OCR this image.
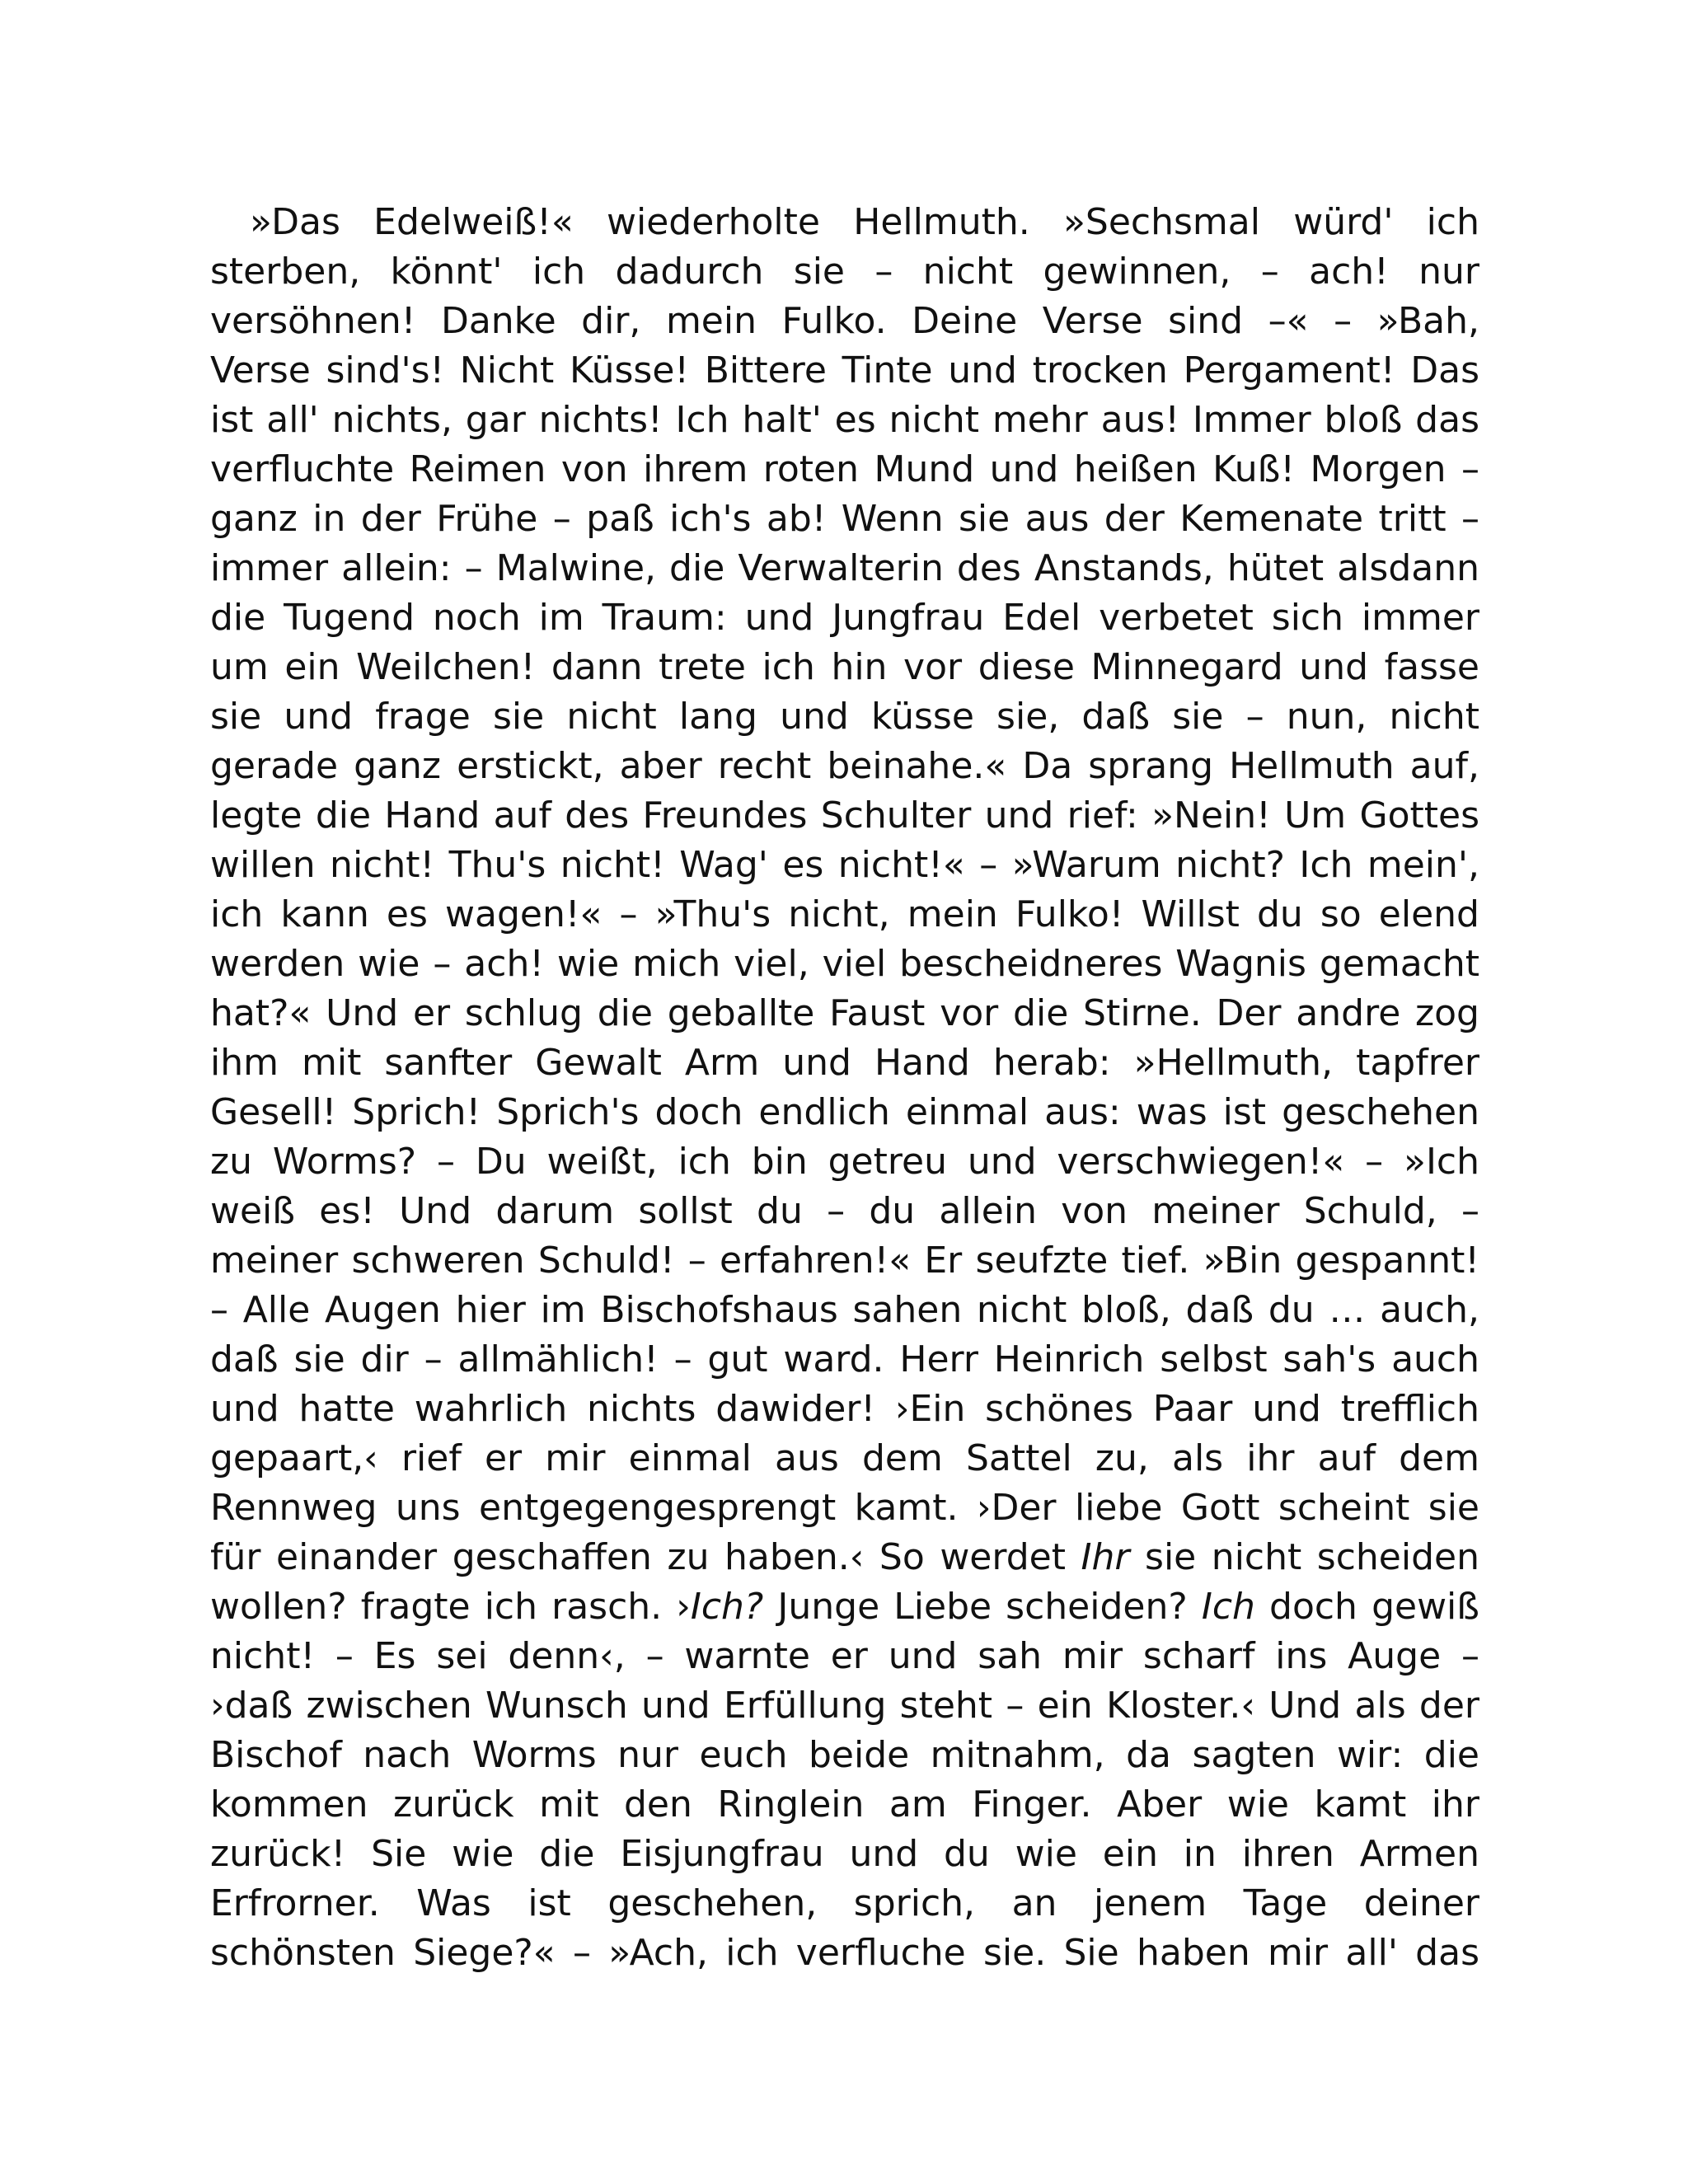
»Das Edelweiß!« wiederholte Hellmuth. »Sechsmal würd' ich
sterben, könnt' ich dadurch sie – nicht gewinnen, – ach! nur
versöhnen! Danke dir, mein Fulko. Deine Verse sind –« – »Bah,
Verse sind's! Nicht Küsse! Bittere Tinte und trocken Pergament! Das
ist all' nichts, gar nichts! Ich halt' es nicht mehr aus! Immer bloß das
verfluchte Reimen von ihrem roten Mund und heißen Kuß! Morgen –
ganz in der Frühe – paß ich's ab! Wenn sie aus der Kemenate tritt –
immer allein: – Malwine, die Verwalterin des Anstands, hütet alsdann
die Tugend noch im Traum: und Jungfrau Edel verbetet sich immer
um ein Weilchen! dann trete ich hin vor diese Minnegard und fasse
sie und frage sie nicht lang und küsse sie, daß sie – nun, nicht
gerade ganz erstickt, aber recht beinahe.« Da sprang Hellmuth auf,
legte die Hand auf des Freundes Schulter und rief: »Nein! Um Gottes
willen nicht! Thu's nicht! Wag' es nicht!« – »Warum nicht? Ich mein',
ich kann es wagen!« – »Thu's nicht, mein Fulko! Willst du so elend
werden wie – ach! wie mich viel, viel bescheidneres Wagnis gemacht
hat?« Und er schlug die geballte Faust vor die Stirne. Der andre zog
ihm mit sanfter Gewalt Arm und Hand herab: »Hellmuth, tapfrer
Gesell! Sprich! Sprich's doch endlich einmal aus: was ist geschehen
zu Worms? – Du weißt, ich bin getreu und verschwiegen!« – »Ich
weiß es! Und darum sollst du – du allein von meiner Schuld, –
meiner schweren Schuld! – erfahren!« Er seufzte tief. »Bin gespannt!
– Alle Augen hier im Bischofshaus sahen nicht bloß, daß du … auch,
daß sie dir – allmählich! – gut ward. Herr Heinrich selbst sah's auch
und hatte wahrlich nichts dawider! ›Ein schönes Paar und trefflich
gepaart,‹ rief er mir einmal aus dem Sattel zu, als ihr auf dem
Rennweg uns entgegengesprengt kamt. ›Der liebe Gott scheint sie
für einander geschaffen zu haben.‹ So werdet Ihr sie nicht scheiden
wollen? fragte ich rasch. ›Ich? Junge Liebe scheiden? Ich doch gewiß
nicht! – Es sei denn‹, – warnte er und sah mir scharf ins Auge –
›daß zwischen Wunsch und Erfüllung steht – ein Kloster.‹ Und als der
Bischof nach Worms nur euch beide mitnahm, da sagten wir: die
kommen zurück mit den Ringlein am Finger. Aber wie kamt ihr
zurück! Sie wie die Eisjungfrau und du wie ein in ihren Armen
Erfrorner. Was ist geschehen, sprich, an jenem Tage deiner
schönsten Siege?« – »Ach, ich verfluche sie. Sie haben mir all' das
